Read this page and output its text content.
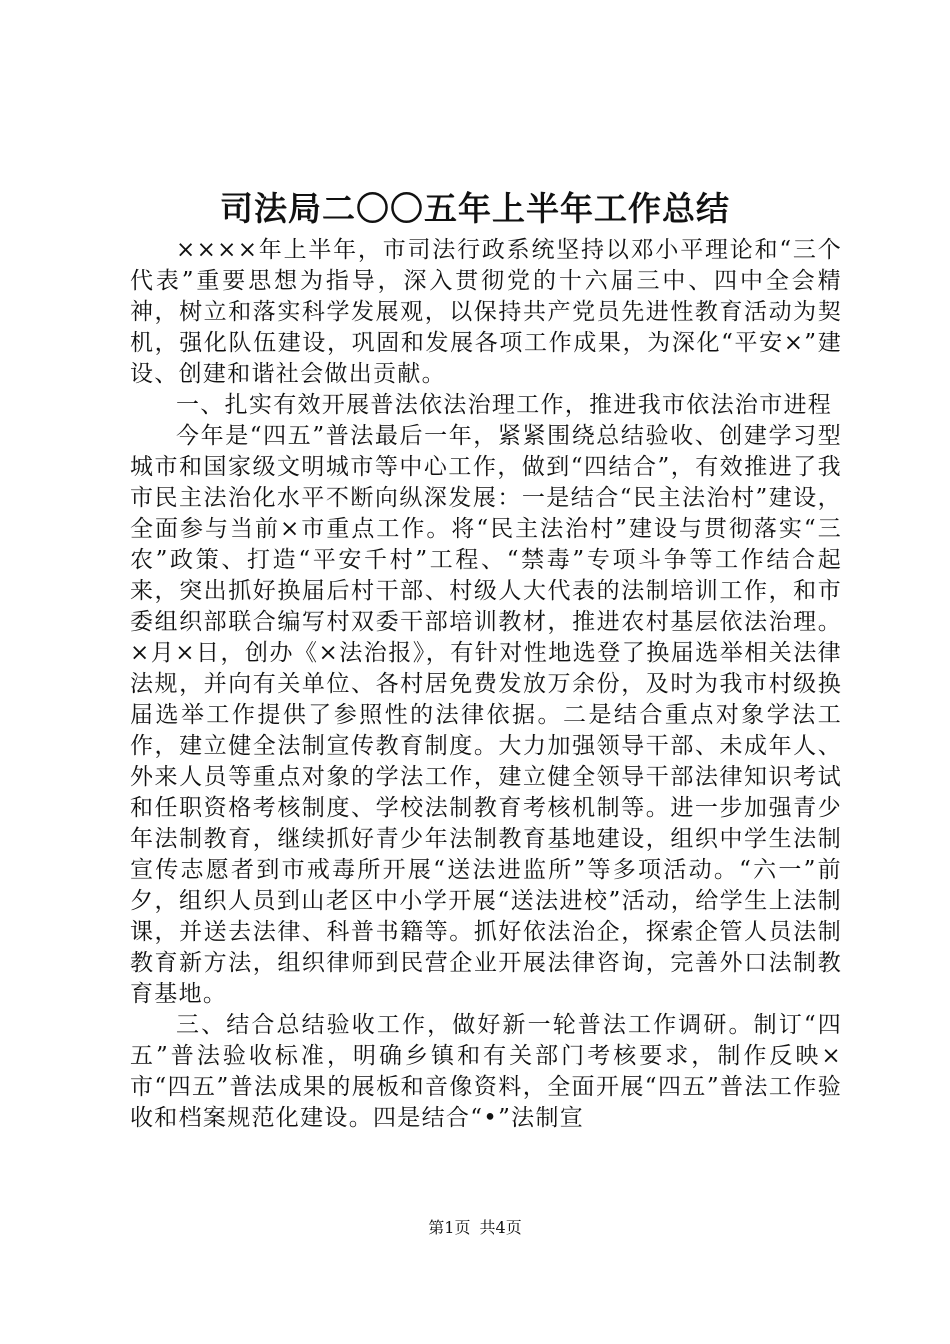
司法局二〇〇五年上半年工作总结

××××年上半年，市司法行政系统坚持以邓小平理论和“三个代表”重要思想为指导，深入贯彻党的十六届三中、四中全会精神，树立和落实科学发展观，以保持共产党员先进性教育活动为契机，强化队伍建设，巩固和发展各项工作成果，为深化“平安×”建设、创建和谐社会做出贡献。

一、扎实有效开展普法依法治理工作，推进我市依法治市进程

今年是“四五”普法最后一年，紧紧围绕总结验收、创建学习型城市和国家级文明城市等中心工作，做到“四结合”，有效推进了我市民主法治化水平不断向纵深发展：一是结合“民主法治村”建设，全面参与当前×市重点工作。将“民主法治村”建设与贯彻落实“三农”政策、打造“平安千村”工程、“禁毒”专项斗争等工作结合起来，突出抓好换届后村干部、村级人大代表的法制培训工作，和市委组织部联合编写村双委干部培训教材，推进农村基层依法治理。×月×日，创办《×法治报》，有针对性地选登了换届选举相关法律法规，并向有关单位、各村居免费发放万余份，及时为我市村级换届选举工作提供了参照性的法律依据。二是结合重点对象学法工作，建立健全法制宣传教育制度。大力加强领导干部、未成年人、外来人员等重点对象的学法工作，建立健全领导干部法律知识考试和任职资格考核制度、学校法制教育考核机制等。进一步加强青少年法制教育，继续抓好青少年法制教育基地建设，组织中学生法制宣传志愿者到市戒毒所开展“送法进监所”等多项活动。“六一”前夕，组织人员到山老区中小学开展“送法进校”活动，给学生上法制课，并送去法律、科普书籍等。抓好依法治企，探索企管人员法制教育新方法，组织律师到民营企业开展法律咨询，完善外口法制教育基地。

三、结合总结验收工作，做好新一轮普法工作调研。制订“四五”普法验收标准，明确乡镇和有关部门考核要求，制作反映×市“四五”普法成果的展板和音像资料，全面开展“四五”普法工作验收和档案规范化建设。四是结合“•”法制宣

第1页 共4页
